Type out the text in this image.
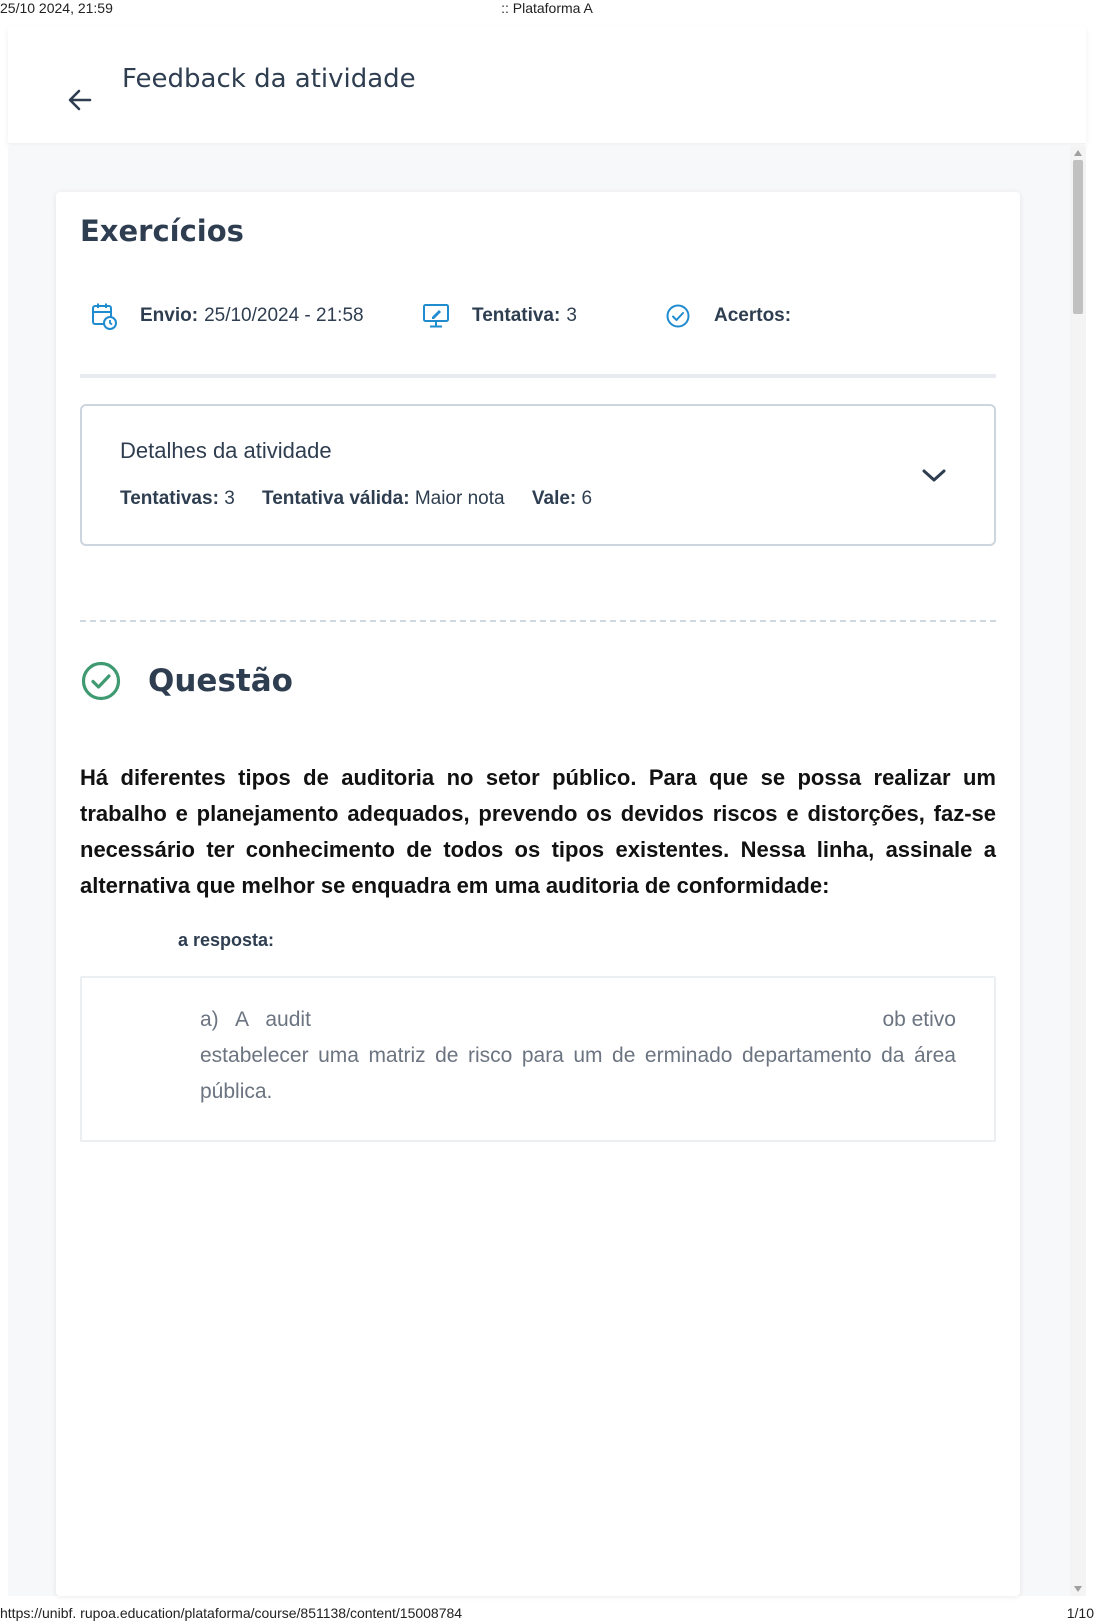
25/10 2024, 21:59	:: Plataforma A
Feedback da atividade
Exercícios
Envio: 25/10/2024 - 21:58	Tentativa: 3	Acertos:
Detalhes da atividade
Tentativas: 3 Tentativa válida: Maior nota Vale: 6
Questão
Há diferentes tipos de auditoria no setor público. Para que se possa realizar um trabalho e planejamento adequados, prevendo os devidos riscos e distorções, faz-se necessário ter conhecimento de todos os tipos existentes. Nessa linha, assinale a alternativa que melhor se enquadra em uma auditoria de conformidade:
a resposta:
a)   A   audit	ob etivo
estabelecer uma matriz de risco para um de erminado departamento da área pública.
https://unibf. rupoa.education/plataforma/course/851138/content/15008784	1/10
